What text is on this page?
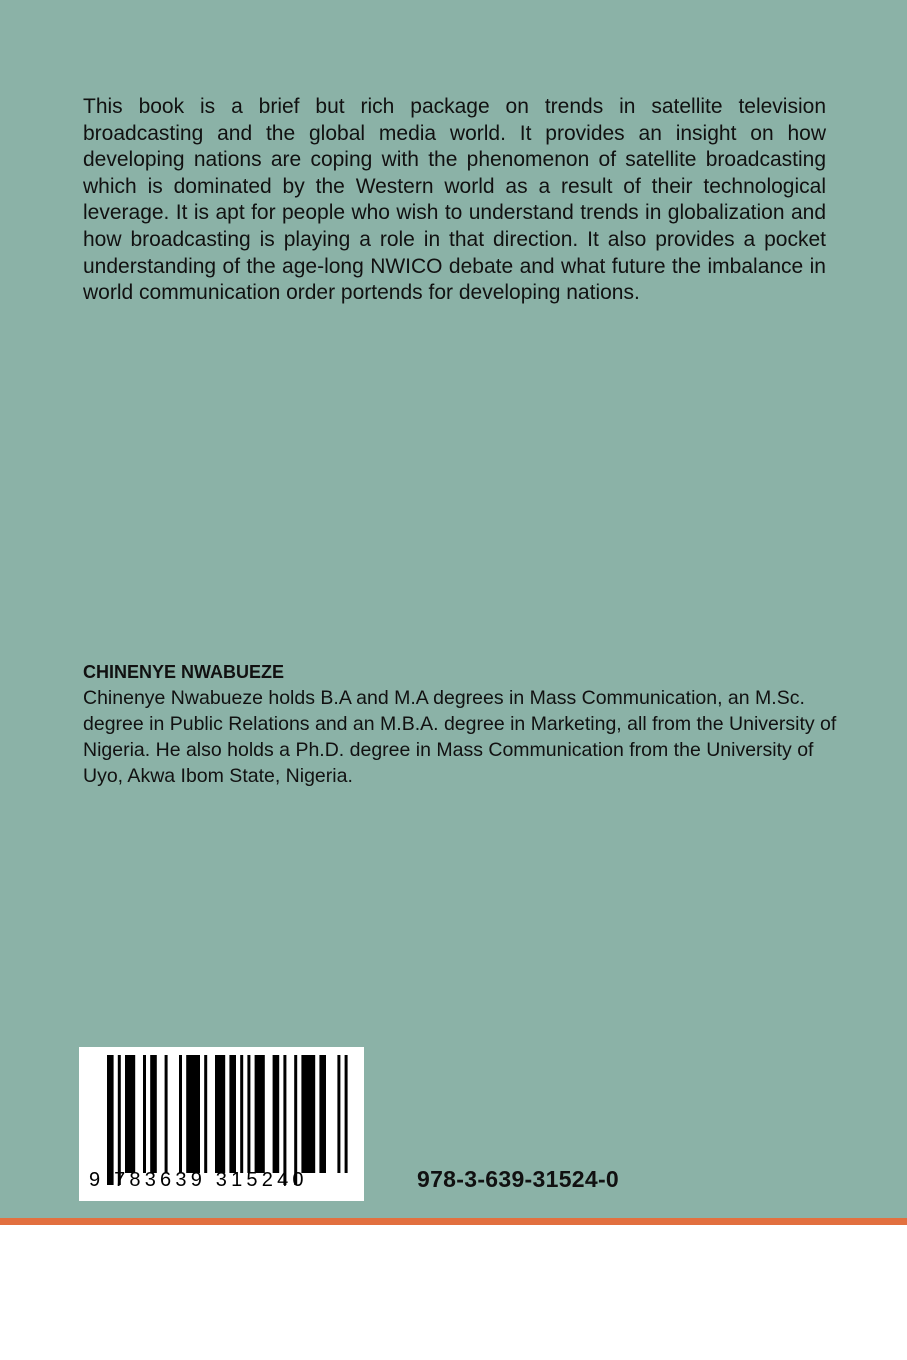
This book is a brief but rich package on trends in satellite television broadcasting and the global media world. It provides an insight on how developing nations are coping with the phenomenon of satellite broadcasting which is dominated by the Western world as a result of their technological leverage. It is apt for people who wish to understand trends in globalization and how broadcasting is playing a role in that direction. It also provides a pocket understanding of the age-long NWICO debate and what future the imbalance in world communication order portends for developing nations.

CHINENYE NWABUEZE

Chinenye Nwabueze holds B.A and M.A degrees in Mass Communication, an M.Sc. degree in Public Relations and an M.B.A. degree in Marketing, all from the University of Nigeria. He also holds a Ph.D. degree in Mass Communication from the University of Uyo, Akwa Ibom State, Nigeria.

9 783639 315240	978-3-639-31524-0
